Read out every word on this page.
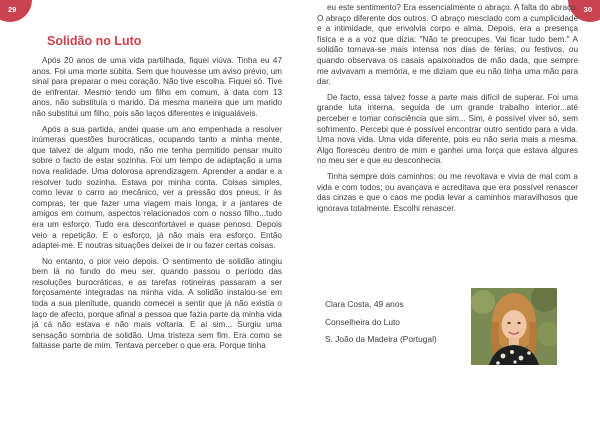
29
Solidão no Luto

Após 20 anos de uma vida partilhada, fiquei viúva. Tinha eu 47 anos. Foi uma morte súbita. Sem que houvesse um aviso prévio, um sinal para preparar o meu coração. Não tive escolha. Fiquei só. Tive de enfrentar. Mesmo tendo um filho em comum, à data com 13 anos, não substituía o marido. Da mesma maneira que um marido não substitui um filho, pois são laços diferentes e inigualáveis.

Após a sua partida, andei quase um ano empenhada a resolver inúmeras questões burocráticas, ocupando tanto a minha mente, que talvez de algum modo, não me tenha permitido pensar muito sobre o facto de estar sozinha. Foi um tempo de adaptação a uma nova realidade. Uma dolorosa aprendizagem. Aprender a andar e a resolver tudo sozinha. Estava por minha conta. Coisas simples, como levar o carro ao mecânico, ver a pressão dos pneus, ir às compras, ter que fazer uma viagem mais longa, ir a jantares de amigos em comum, aspectos relacionados com o nosso filho...tudo era um esforço. Tudo era desconfortável e quase penoso. Depois veio a repetição. E o esforço, já não mais era esforço. Então adaptei-me. E noutras situações deixei de ir ou fazer certas coisas.

No entanto, o pior veio depois. O sentimento de solidão atingiu bem lá no fundo do meu ser, quando passou o período das resoluções burocráticas, e as tarefas rotineiras passaram a ser forçosamente integradas na minha vida. A solidão instalou-se em toda a sua plenitude, quando comecei a sentir que já não existia o laço de afecto, porque afinal a pessoa que fazia parte da minha vida já cá não estava e não mais voltaria. E aí sim... Surgiu uma sensação sombria de solidão. Uma tristeza sem fim. Era como se faltasse parte de mim. Tentava perceber o que era. Porque tinha

30

eu este sentimento? Era essencialmente o abraço. A falta do abraço. O abraço diferente dos outros. O abraço mesclado com a cumplicidade e a intimidade, que envolvia corpo e alma. Depois, era a presença física e a a voz que dizia: "Não te preocupes. Vai ficar tudo bem." A solidão tornava-se mais intensa nos dias de férias, ou festivos, ou quando observava os casais apaixonados de mão dada, que sempre me avivavam a memória, e me diziam que eu não tinha uma mão para dar.

De facto, essa talvez fosse a parte mais difícil de superar. Foi uma grande luta interna, seguida de um grande trabalho interior...até perceber e tomar consciência que sim... Sim, é possível viver só, sem sofrimento. Percebi que é possível encontrar outro sentido para a vida. Uma nova vida. Uma vida diferente, pois eu não seria mais a mesma. Algo floresceu dentro de mim e ganhei uma força que estava algures no meu ser e que eu desconhecia.

Tinha sempre dois caminhos: ou me revoltava e vivia de mal com a vida e com todos; ou avançava e acreditava que era possível renascer das cinzas e que o caos me podia levar a caminhos maravilhosos que ignorava totalmente. Escolhi renascer.

Clara Costa, 49 anos
Conselheira do Luto
S. João da Madeira (Portugal)
